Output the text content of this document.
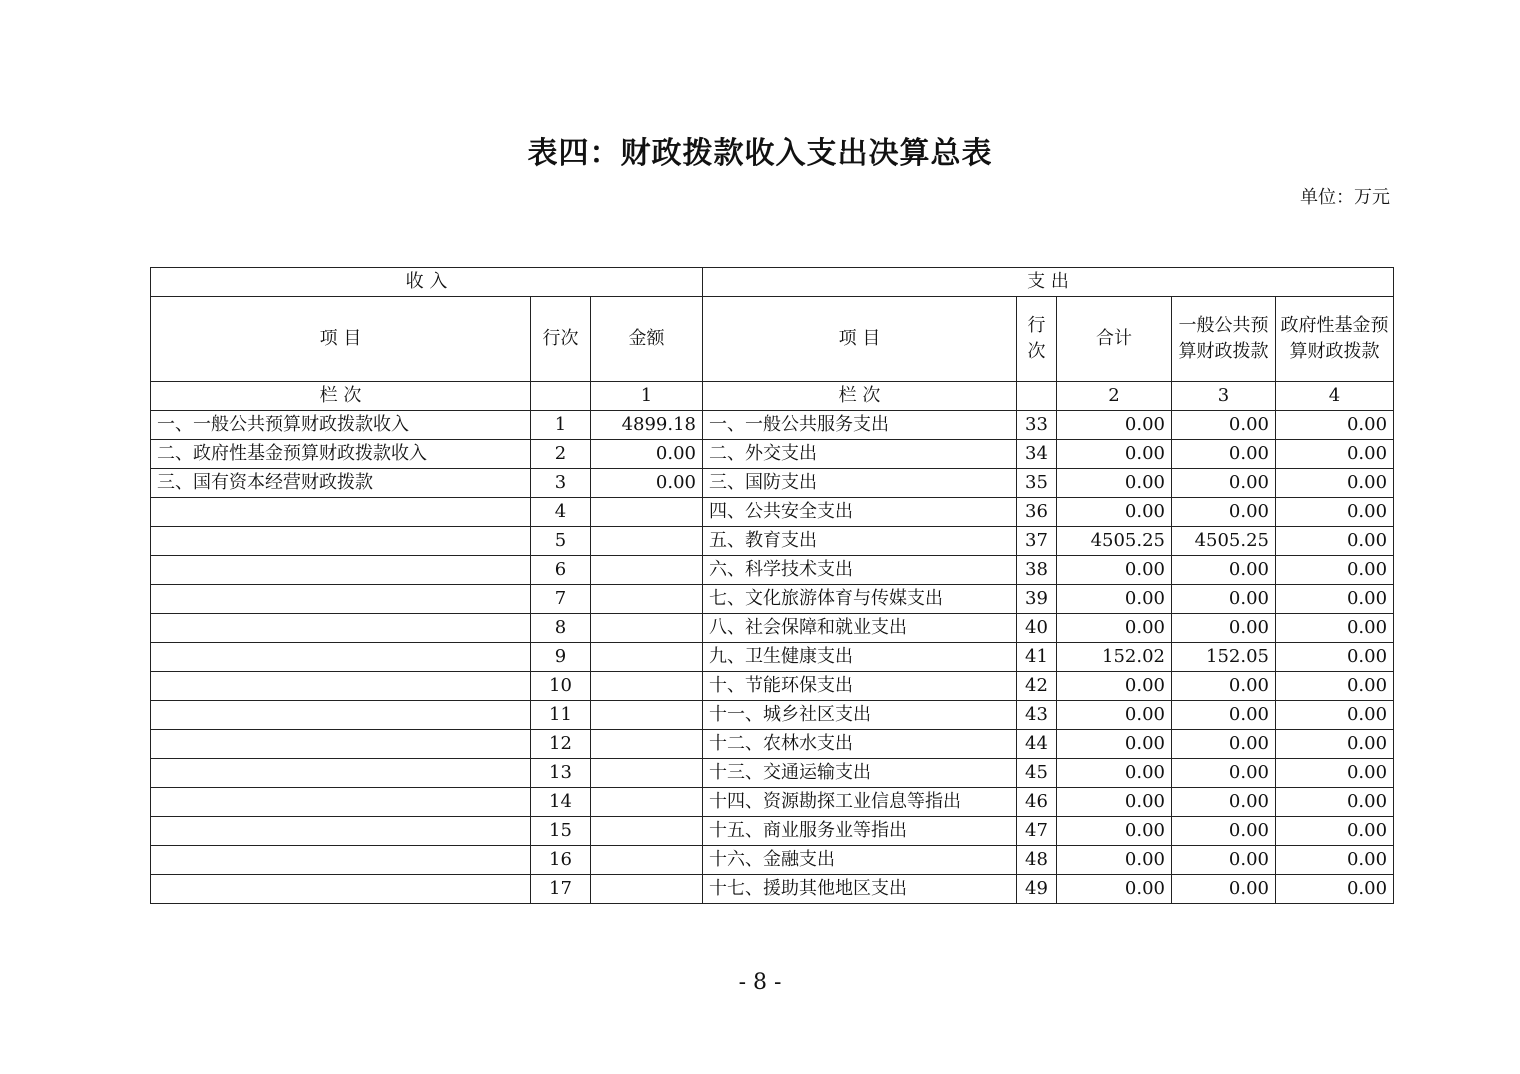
表四：财政拨款收入支出决算总表
单位：万元
收 入			支 出				
项 目	行次	金额	项 目	行次	合计	一般公共预算财政拨款	政府性基金预算财政拨款
栏 次		1	栏 次		2	3	4
一、一般公共预算财政拨款收入	1	4899.18	一、一般公共服务支出	33	0.00	0.00	0.00
二、政府性基金预算财政拨款收入	2	0.00	二、外交支出	34	0.00	0.00	0.00
三、国有资本经营财政拨款	3	0.00	三、国防支出	35	0.00	0.00	0.00
	4		四、公共安全支出	36	0.00	0.00	0.00
	5		五、教育支出	37	4505.25	4505.25	0.00
	6		六、科学技术支出	38	0.00	0.00	0.00
	7		七、文化旅游体育与传媒支出	39	0.00	0.00	0.00
	8		八、社会保障和就业支出	40	0.00	0.00	0.00
	9		九、卫生健康支出	41	152.02	152.05	0.00
	10		十、节能环保支出	42	0.00	0.00	0.00
	11		十一、城乡社区支出	43	0.00	0.00	0.00
	12		十二、农林水支出	44	0.00	0.00	0.00
	13		十三、交通运输支出	45	0.00	0.00	0.00
	14		十四、资源勘探工业信息等指出	46	0.00	0.00	0.00
	15		十五、商业服务业等指出	47	0.00	0.00	0.00
	16		十六、金融支出	48	0.00	0.00	0.00
	17		十七、援助其他地区支出	49	0.00	0.00	0.00
- 8 -
